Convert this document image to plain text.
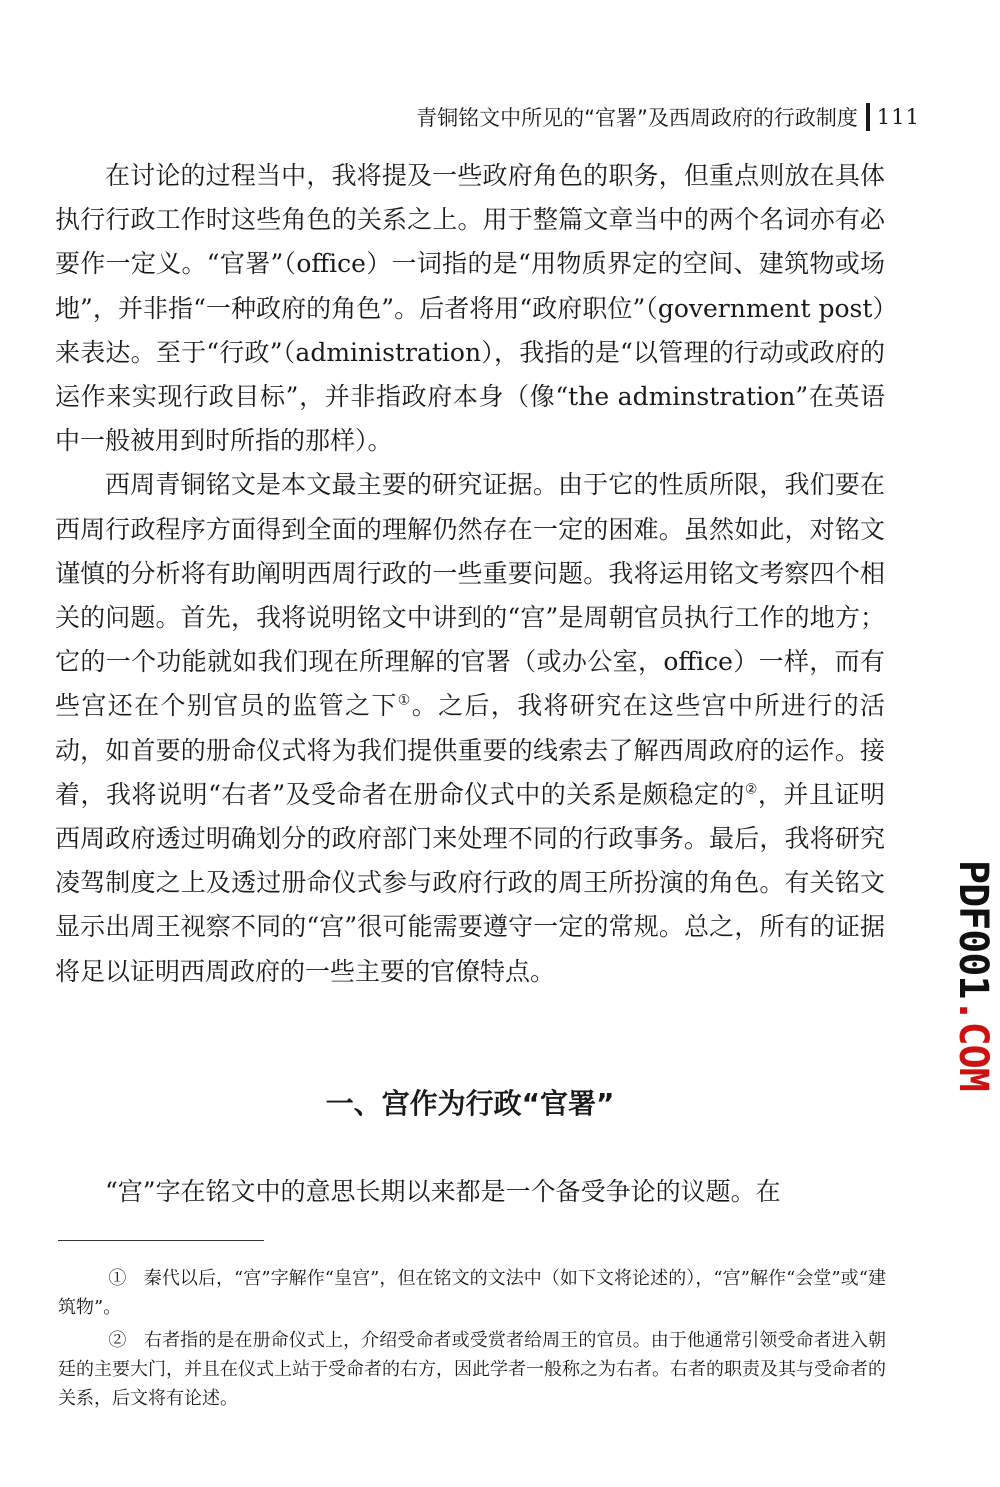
青铜铭文中所见的“官署”及西周政府的行政制度 111

在讨论的过程当中，我将提及一些政府角色的职务，但重点则放在具体执行行政工作时这些角色的关系之上。用于整篇文章当中的两个名词亦有必要作一定义。“官署”（office）一词指的是“用物质界定的空间、建筑物或场地”，并非指“一种政府的角色”。后者将用“政府职位”（government post）来表达。至于“行政”（administration），我指的是“以管理的行动或政府的运作来实现行政目标”，并非指政府本身（像“the adminstration”在英语中一般被用到时所指的那样）。

西周青铜铭文是本文最主要的研究证据。由于它的性质所限，我们要在西周行政程序方面得到全面的理解仍然存在一定的困难。虽然如此，对铭文谨慎的分析将有助阐明西周行政的一些重要问题。我将运用铭文考察四个相关的问题。首先，我将说明铭文中讲到的“宫”是周朝官员执行工作的地方；它的一个功能就如我们现在所理解的官署（或办公室，office）一样，而有些宫还在个别官员的监管之下①。之后，我将研究在这些宫中所进行的活动，如首要的册命仪式将为我们提供重要的线索去了解西周政府的运作。接着，我将说明“右者”及受命者在册命仪式中的关系是颇稳定的②，并且证明西周政府透过明确划分的政府部门来处理不同的行政事务。最后，我将研究凌驾制度之上及透过册命仪式参与政府行政的周王所扮演的角色。有关铭文显示出周王视察不同的“宫”很可能需要遵守一定的常规。总之，所有的证据将足以证明西周政府的一些主要的官僚特点。

一、宫作为行政“官署”

“宫”字在铭文中的意思长期以来都是一个备受争论的议题。在

① 秦代以后，“宫”字解作“皇宫”，但在铭文的文法中（如下文将论述的），“宫”解作“会堂”或“建筑物”。

② 右者指的是在册命仪式上，介绍受命者或受赏者给周王的官员。由于他通常引领受命者进入朝廷的主要大门，并且在仪式上站于受命者的右方，因此学者一般称之为右者。右者的职责及其与受命者的关系，后文将有论述。

PDF001.COM
